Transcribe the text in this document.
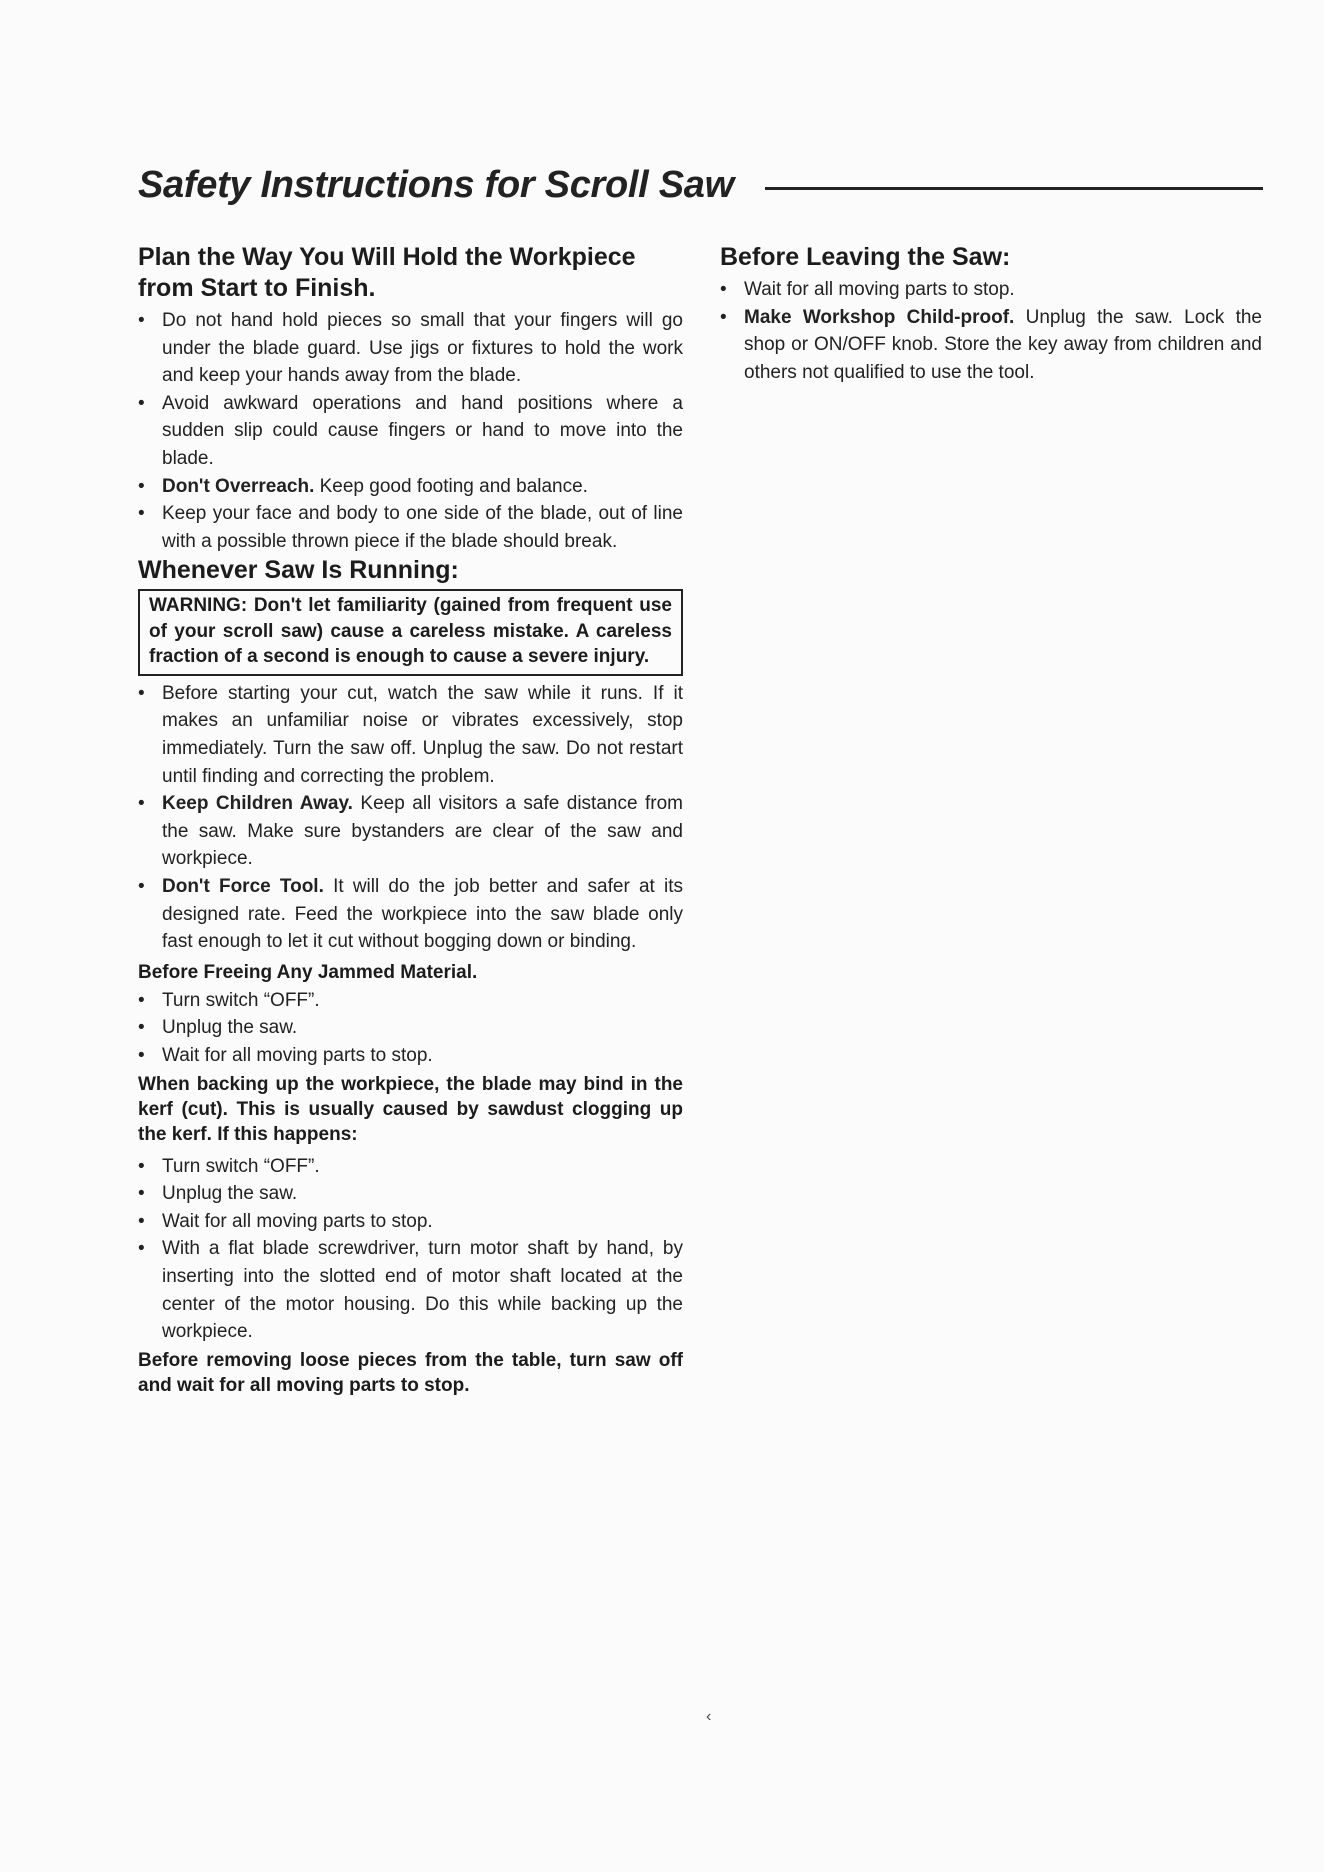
Safety Instructions for Scroll Saw
Plan the Way You Will Hold the Workpiece from Start to Finish.
• Do not hand hold pieces so small that your fingers will go under the blade guard. Use jigs or fixtures to hold the work and keep your hands away from the blade.
• Avoid awkward operations and hand positions where a sudden slip could cause fingers or hand to move into the blade.
• Don't Overreach. Keep good footing and balance.
• Keep your face and body to one side of the blade, out of line with a possible thrown piece if the blade should break.
Whenever Saw Is Running:
WARNING: Don't let familiarity (gained from frequent use of your scroll saw) cause a careless mistake. A careless fraction of a second is enough to cause a severe injury.
• Before starting your cut, watch the saw while it runs. If it makes an unfamiliar noise or vibrates excessively, stop immediately. Turn the saw off. Unplug the saw. Do not restart until finding and correcting the problem.
• Keep Children Away. Keep all visitors a safe distance from the saw. Make sure bystanders are clear of the saw and workpiece.
• Don't Force Tool. It will do the job better and safer at its designed rate. Feed the workpiece into the saw blade only fast enough to let it cut without bogging down or binding.
Before Freeing Any Jammed Material.
• Turn switch “OFF”.
• Unplug the saw.
• Wait for all moving parts to stop.
When backing up the workpiece, the blade may bind in the kerf (cut). This is usually caused by sawdust clogging up the kerf. If this happens:
• Turn switch “OFF”.
• Unplug the saw.
• Wait for all moving parts to stop.
• With a flat blade screwdriver, turn motor shaft by hand, by inserting into the slotted end of motor shaft located at the center of the motor housing. Do this while backing up the workpiece.
Before removing loose pieces from the table, turn saw off and wait for all moving parts to stop.
Before Leaving the Saw:
• Wait for all moving parts to stop.
• Make Workshop Child-proof. Unplug the saw. Lock the shop or ON/OFF knob. Store the key away from children and others not qualified to use the tool.
‹
